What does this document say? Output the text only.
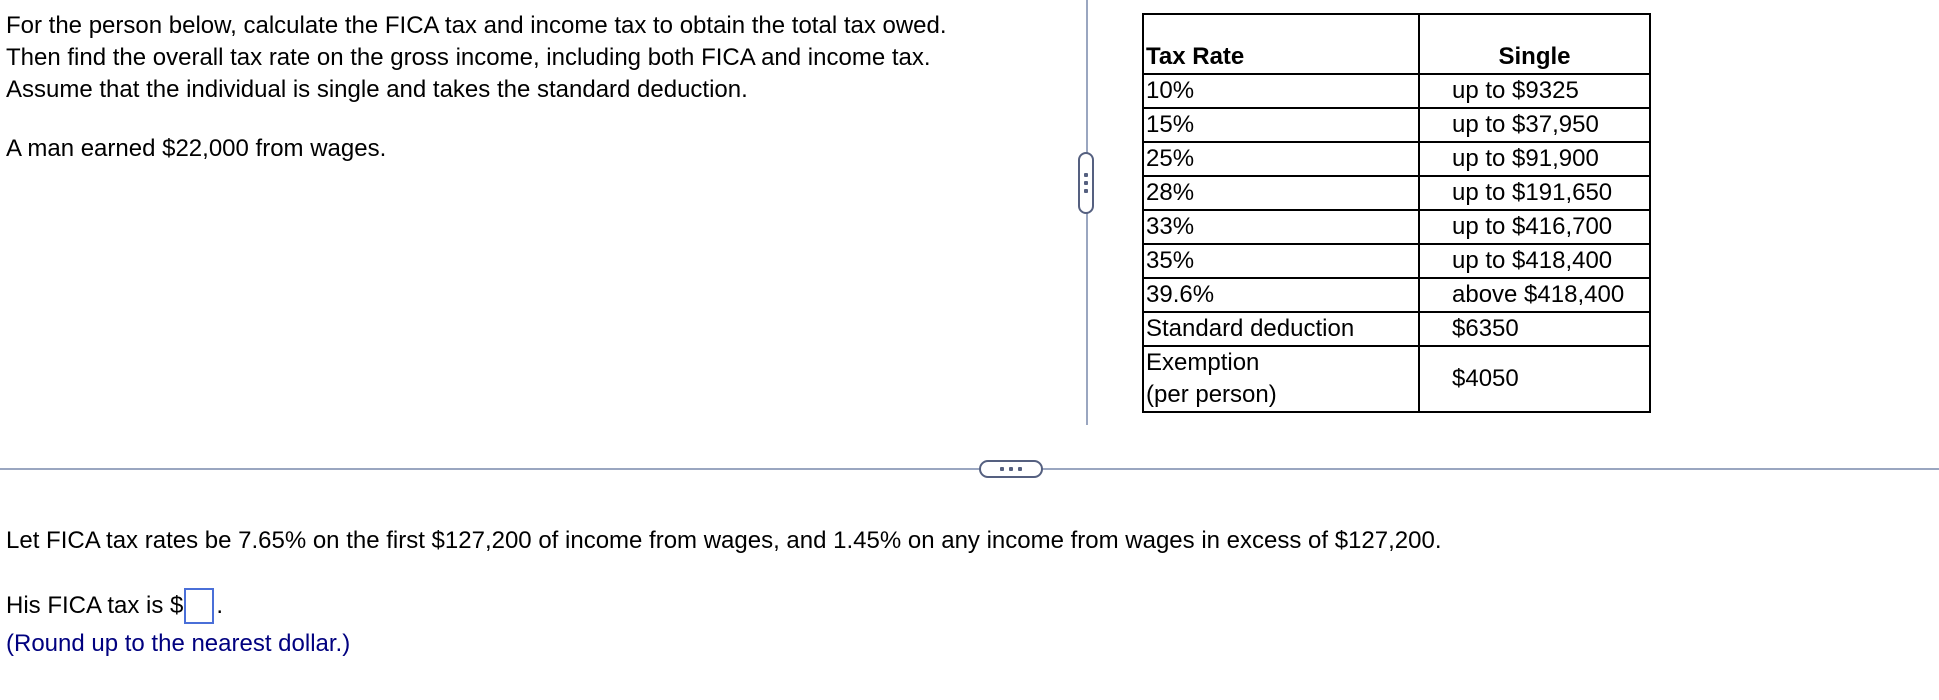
For the person below, calculate the FICA tax and income tax to obtain the total tax owed.

Then find the overall tax rate on the gross income, including both FICA and income tax.

Assume that the individual is single and takes the standard deduction.

A man earned $22,000 from wages.
Tax Rate	Single
10%	up to $9325
15%	up to $37,950
25%	up to $91,900
28%	up to $191,650
33%	up to $416,700
35%	up to $418,400
39.6%	above $418,400
Standard deduction	$6350

Exemption
(per person)	$4050
Let FICA tax rates be 7.65% on the first $127,200 of income from wages, and 1.45% on any income from wages in excess of $127,200.
His FICA tax is $ .
(Round up to the nearest dollar.)
